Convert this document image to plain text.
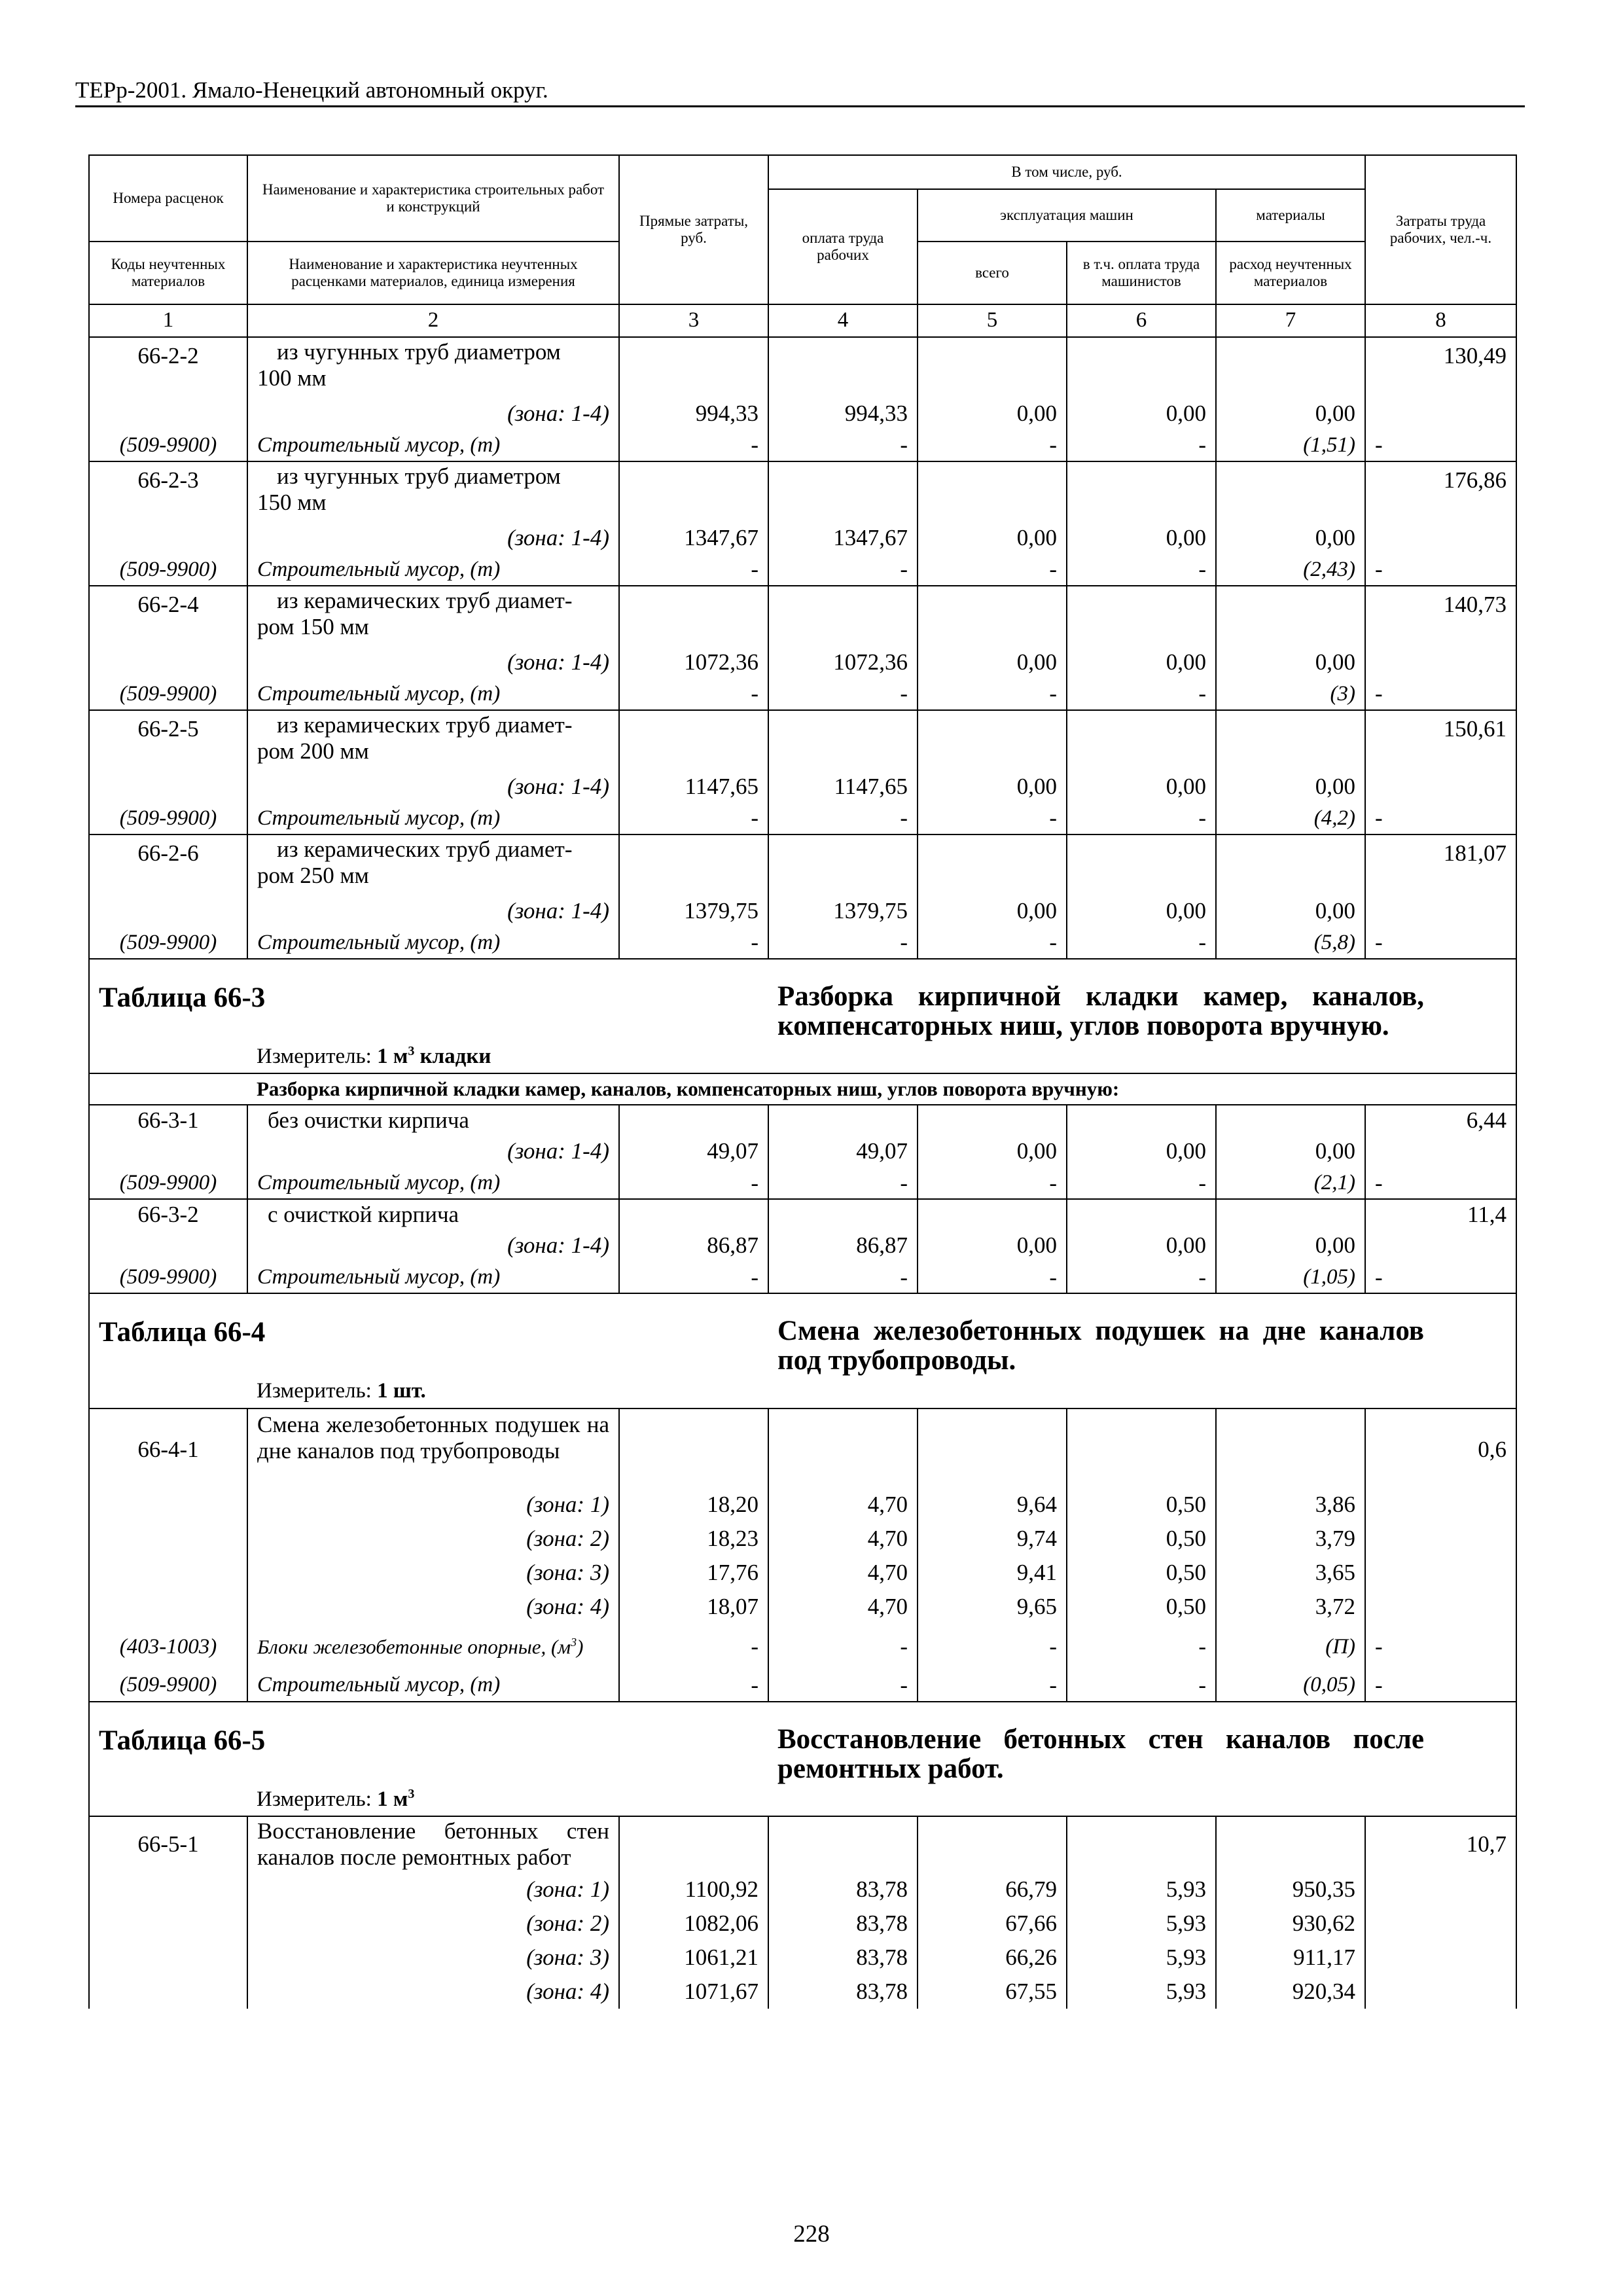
ТЕРр-2001. Ямало-Ненецкий автономный округ.
Номера расценок	Наименование и характеристика строительных работ и конструкций	Прямые затраты, руб.	В том числе, руб.				Затраты труда рабочих, чел.-ч.
			оплата труда рабочих	эксплуатация машин		материалы	
Коды неучтенных материалов	Наименование и характеристика неучтенных расценками материалов, единица измерения			всего	в т.ч. оплата труда машинистов	расход неучтенных материалов	
1	2	3	4	5	6	7	8
66-2-2	из чугунных труб диаметром
100 мм						130,49
	(зона: 1-4)	994,33	994,33	0,00	0,00	0,00	
(509-9900)	Строительный мусор, (т)	-	-	-	-	(1,51)	-
66-2-3	из чугунных труб диаметром
150 мм						176,86
	(зона: 1-4)	1347,67	1347,67	0,00	0,00	0,00	
(509-9900)	Строительный мусор, (т)	-	-	-	-	(2,43)	-
66-2-4	из керамических труб диамет-
ром 150 мм						140,73
	(зона: 1-4)	1072,36	1072,36	0,00	0,00	0,00	
(509-9900)	Строительный мусор, (т)	-	-	-	-	(3)	-
66-2-5	из керамических труб диамет-
ром 200 мм						150,61
	(зона: 1-4)	1147,65	1147,65	0,00	0,00	0,00	
(509-9900)	Строительный мусор, (т)	-	-	-	-	(4,2)	-
66-2-6	из керамических труб диамет-
ром 250 мм						181,07
	(зона: 1-4)	1379,75	1379,75	0,00	0,00	0,00	
(509-9900)	Строительный мусор, (т)	-	-	-	-	(5,8)	-
Таблица 66-3			Разборка кирпичной кладки камер, каналов, компенсаторных ниш, углов поворота вручную.				
	Измеритель: 1 $м^3$ кладки						
	Разборка кирпичной кладки камер, каналов, компенсаторных ниш, углов поворота вручную:						
66-3-1	без очистки кирпича						6,44
	(зона: 1-4)	49,07	49,07	0,00	0,00	0,00	
(509-9900)	Строительный мусор, (т)	-	-	-	-	(2,1)	-
66-3-2	с очисткой кирпича						11,4
	(зона: 1-4)	86,87	86,87	0,00	0,00	0,00	
(509-9900)	Строительный мусор, (т)	-	-	-	-	(1,05)	-
Таблица 66-4			Смена железобетонных подушек на дне каналов под трубопроводы.				
	Измеритель: 1 шт.						
66-4-1	Смена железобетонных подушек на дне каналов под трубопроводы						0,6
	(зона: 1)	18,20	4,70	9,64	0,50	3,86	
	(зона: 2)	18,23	4,70	9,74	0,50	3,79	
	(зона: 3)	17,76	4,70	9,41	0,50	3,65	
	(зона: 4)	18,07	4,70	9,65	0,50	3,72	
(403-1003)	Блоки железобетонные опорные, $(м^3)$	-	-	-	-	(П)	-
(509-9900)	Строительный мусор, (т)	-	-	-	-	(0,05)	-
Таблица 66-5			Восстановление бетонных стен каналов после ремонтных работ.				
	Измеритель: 1 $м^3$
66-5-1	Восстановление бетонных стен каналов после ремонтных работ						10,7
	(зона: 1)	1100,92	83,78	66,79	5,93	950,35	
	(зона: 2)	1082,06	83,78	67,66	5,93	930,62	
	(зона: 3)	1061,21	83,78	66,26	5,93	911,17	
	(зона: 4)	1071,67	83,78	67,55	5,93	920,34	

228
